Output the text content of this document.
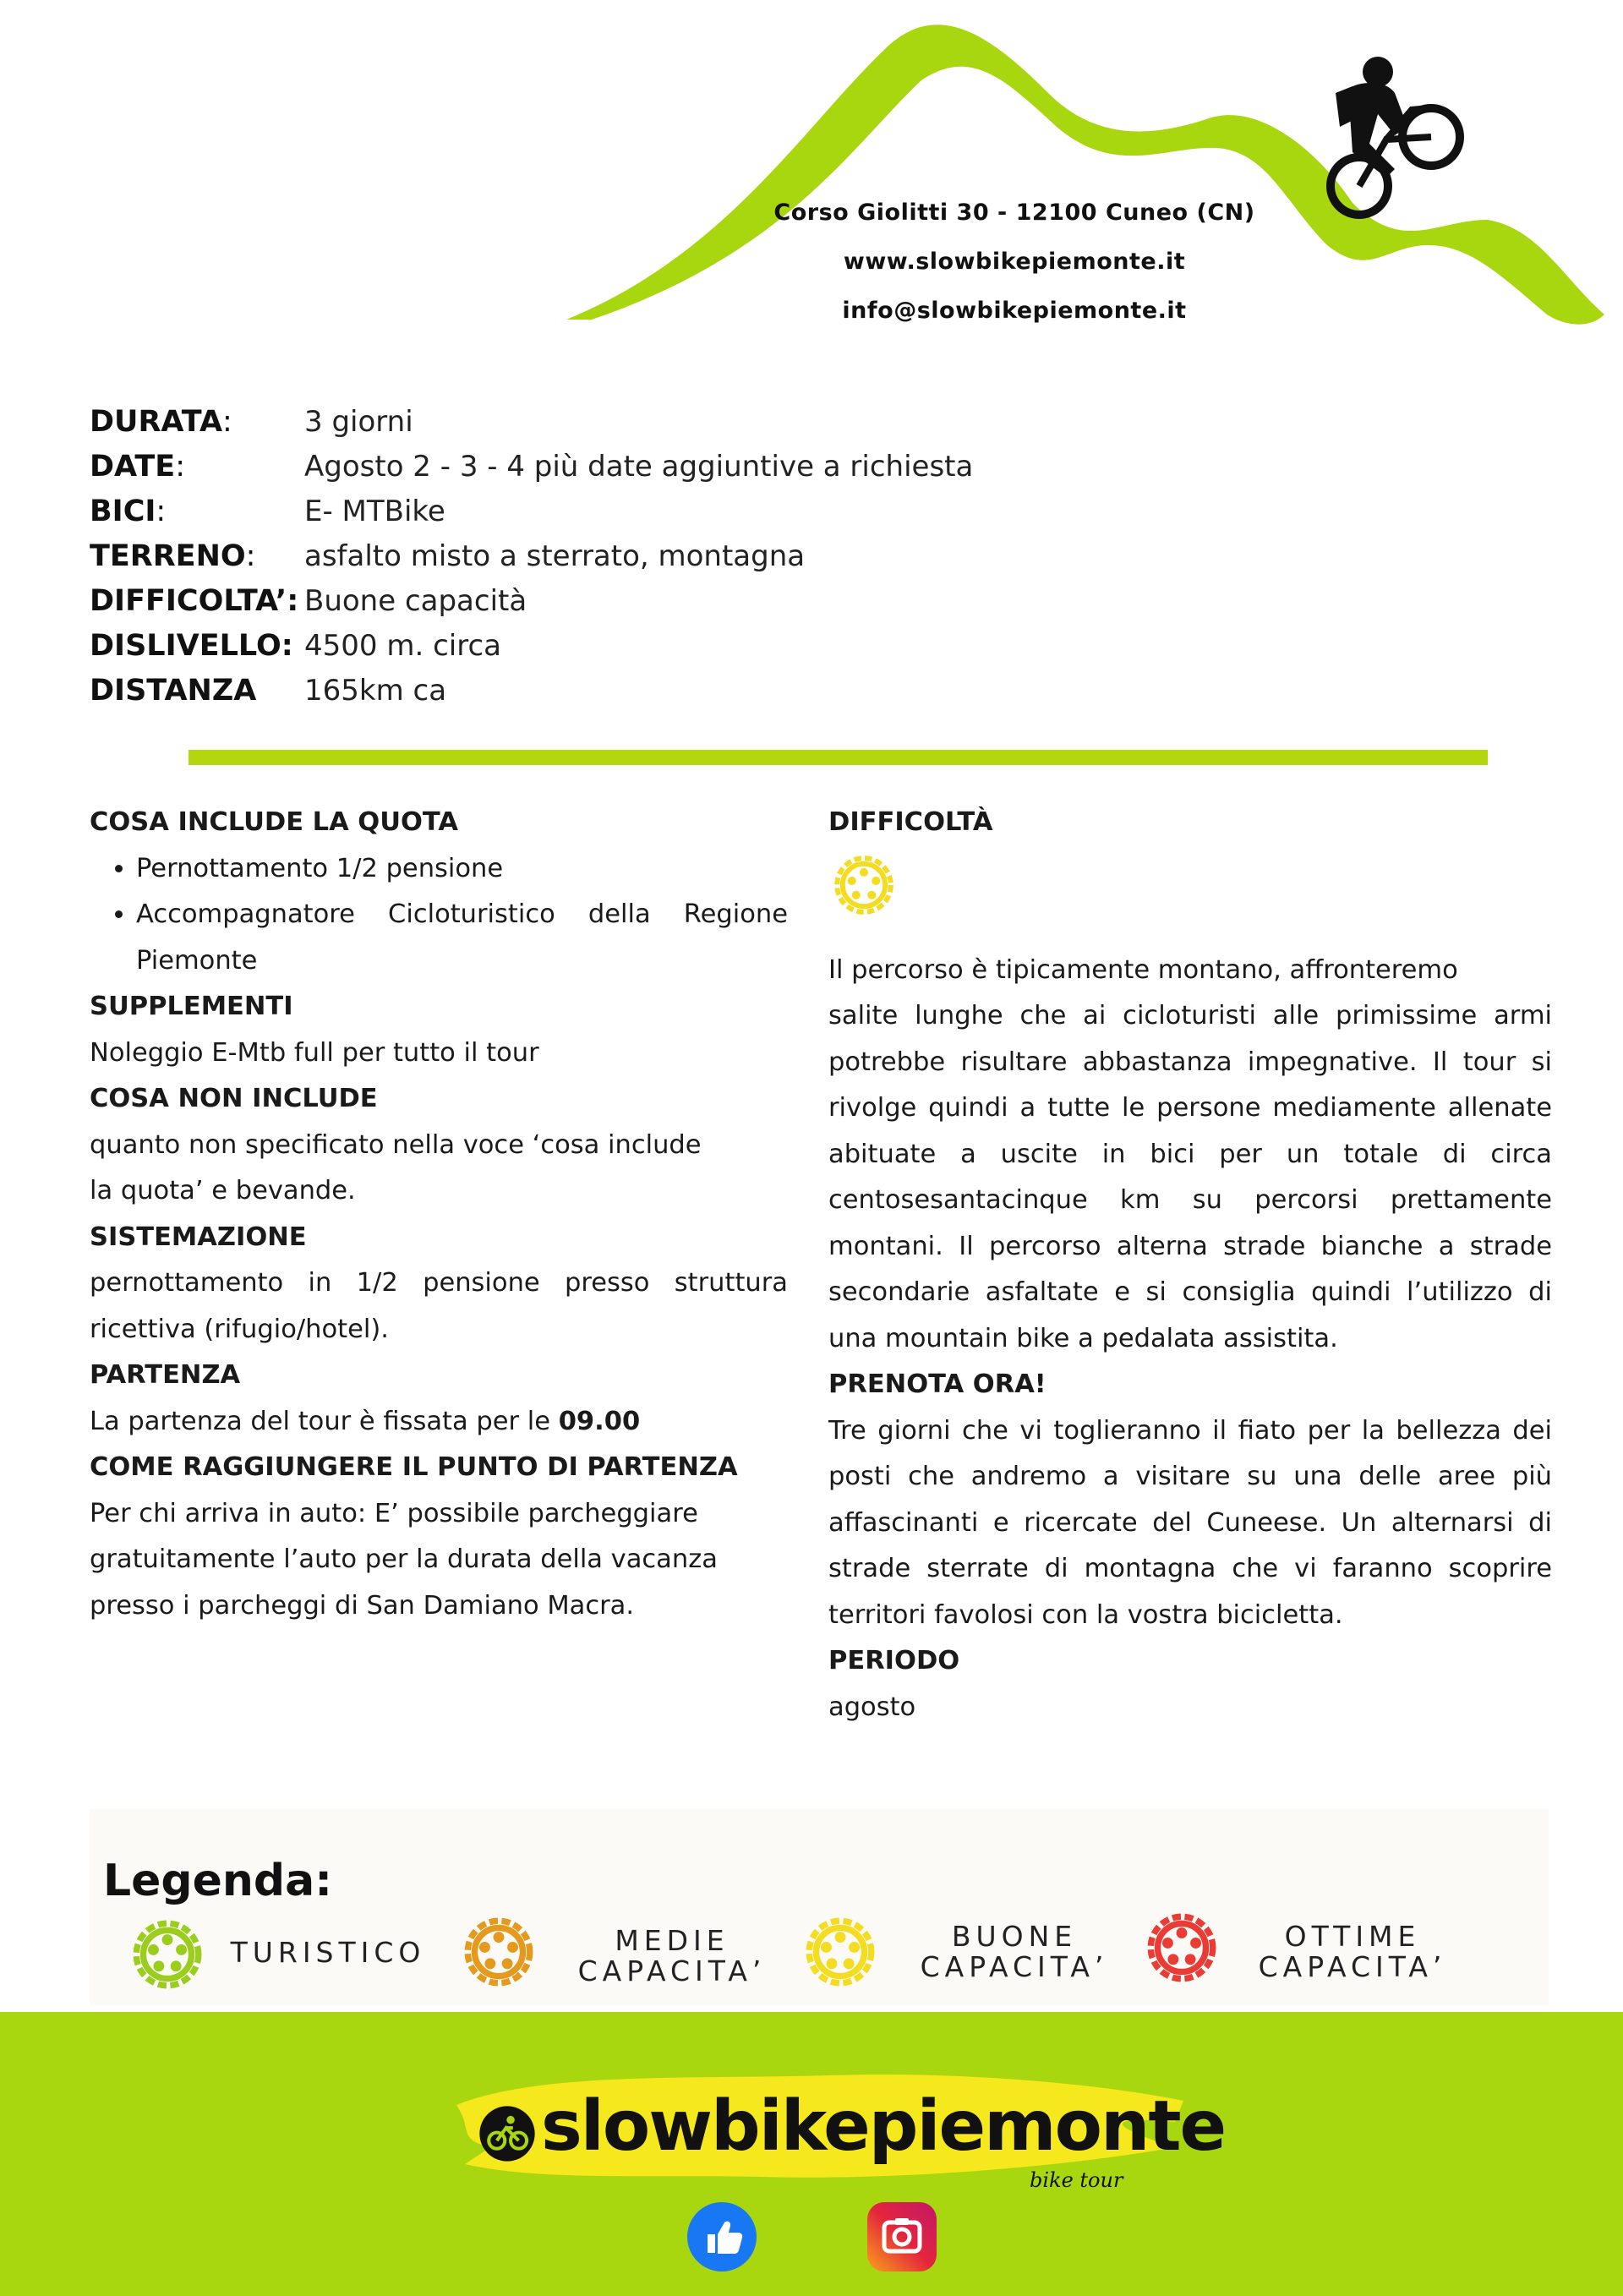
Corso Giolitti 30 - 12100 Cuneo (CN)
www.slowbikepiemonte.it
info@slowbikepiemonte.it
DURATA:	3 giorni
DATE:	Agosto 2 - 3 - 4 più date aggiuntive a richiesta
BICI:	E- MTBike
TERRENO:	asfalto misto a sterrato, montagna
DIFFICOLTA’: Buone capacità
DISLIVELLO: 4500 m. circa
DISTANZA	165km ca
COSA INCLUDE LA QUOTA
• Pernottamento 1/2 pensione
• Accompagnatore Cicloturistico della Regione Piemonte
SUPPLEMENTI
Noleggio E-Mtb full per tutto il tour
COSA NON INCLUDE
quanto non specificato nella voce ‘cosa include la quota’ e bevande.
SISTEMAZIONE
pernottamento in 1/2 pensione presso struttura ricettiva (rifugio/hotel).
PARTENZA
La partenza del tour è fissata per le 09.00
COME RAGGIUNGERE IL PUNTO DI PARTENZA
Per chi arriva in auto: E’ possibile parcheggiare gratuitamente l’auto per la durata della vacanza presso i parcheggi di San Damiano Macra.
DIFFICOLTÀ
Il percorso è tipicamente montano, affronteremo
salite lunghe che ai cicloturisti alle primissime armi potrebbe risultare abbastanza impegnative. Il tour si rivolge quindi a tutte le persone mediamente allenate abituate a uscite in bici per un totale di circa centosesantacinque km su percorsi prettamente montani. Il percorso alterna strade bianche a strade secondarie asfaltate e si consiglia quindi l’utilizzo di una mountain bike a pedalata assistita.
PRENOTA ORA!
Tre giorni che vi toglieranno il fiato per la bellezza dei posti che andremo a visitare su una delle aree più affascinanti e ricercate del Cuneese. Un alternarsi di strade sterrate di montagna che vi faranno scoprire territori favolosi con la vostra bicicletta.
PERIODO
agosto
Legenda:
TURISTICO	MEDIE
CAPACITA’
BUONE
CAPACITA’
OTTIME
CAPACITA’
slowbikepiemonte
bike tour
